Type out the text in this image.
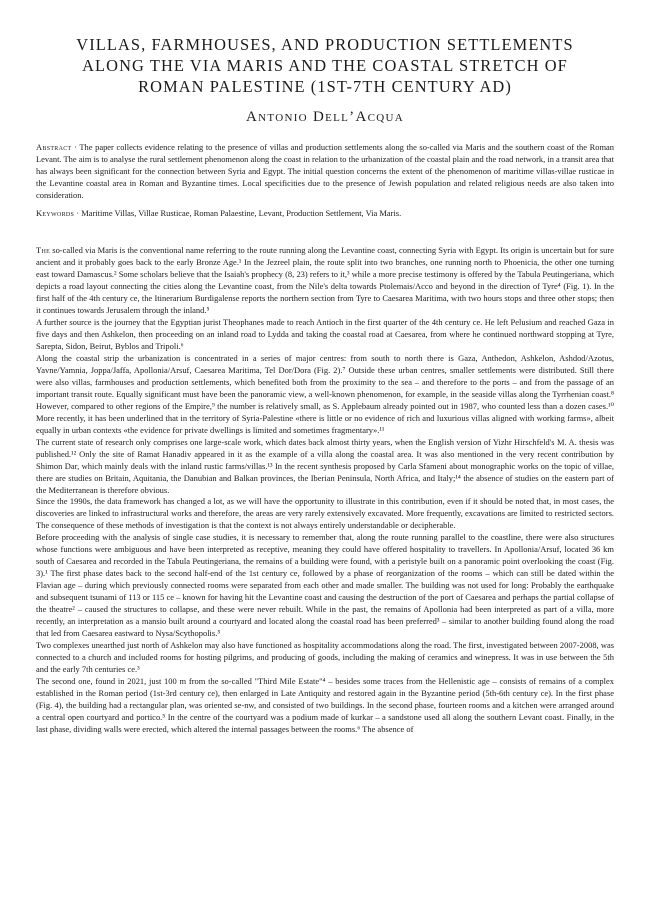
VILLAS, FARMHOUSES, AND PRODUCTION SETTLEMENTS
ALONG THE VIA MARIS AND THE COASTAL STRETCH OF
ROMAN PALESTINE (1ST-7TH CENTURY AD)
Antonio Dell’Acqua

Abstract · The paper collects evidence relating to the presence of villas and production settlements along the so-called via Maris and the southern coast of the Roman Levant. The aim is to analyse the rural settlement phenomenon along the coast in relation to the urbanization of the coastal plain and the road network, in a transit area that has always been significant for the connection between Syria and Egypt. The initial question concerns the extent of the phenomenon of maritime villas-villae rusticae in the Levantine coastal area in Roman and Byzantine times. Local specificities due to the presence of Jewish population and related religious needs are also taken into consideration.

Keywords · Maritime Villas, Villae Rusticae, Roman Palaestine, Levant, Production Settlement, Via Maris.

The so-called via Maris is the conventional name referring to the route running along the Levantine coast, connecting Syria with Egypt. Its origin is uncertain but for sure ancient and it probably goes back to the early Bronze Age.¹ In the Jezreel plain, the route split into two branches, one running north to Phoenicia, the other one turning east toward Damascus.² Some scholars believe that the Isaiah's prophecy (8, 23) refers to it,³ while a more precise testimony is offered by the Tabula Peutingeriana, which depicts a road layout connecting the cities along the Levantine coast, from the Nile's delta towards Ptolemais/Acco and beyond in the direction of Tyre⁴ (Fig. 1). In the first half of the 4th century ce, the Itinerarium Burdigalense reports the northern section from Tyre to Caesarea Maritima, with two hours stops and three other stops; then it continues towards Jerusalem through the inland.⁵

A further source is the journey that the Egyptian jurist Theophanes made to reach Antioch in the first quarter of the 4th century ce. He left Pelusium and reached Gaza in five days and then Ashkelon, then proceeding on an inland road to Lydda and taking the coastal road at Caesarea, from where he continued northward stopping at Tyre, Sarepta, Sidon, Beirut, Byblos and Tripoli.⁶

Along the coastal strip the urbanization is concentrated in a series of major centres: from south to north there is Gaza, Anthedon, Ashkelon, Ashdod/Azotus, Yavne/Yamnia, Joppa/Jaffa, Apollonia/Arsuf, Caesarea Maritima, Tel Dor/Dora (Fig. 2).⁷ Outside these urban centres, smaller settlements were distributed. Still there were also villas, farmhouses and production settlements, which benefited both from the proximity to the sea – and therefore to the ports – and from the passage of an important transit route. Equally significant must have been the panoramic view, a well-known phenomenon, for example, in the seaside villas along the Tyrrhenian coast.⁸ However, compared to other regions of the Empire,⁹ the number is relatively small, as S. Applebaum already pointed out in 1987, who counted less than a dozen cases.¹⁰ More recently, it has been underlined that in the territory of Syria-Palestine «there is little or no evidence of rich and luxurious villas aligned with working farms», albeit equally in urban contexts «the evidence for private dwellings is limited and sometimes fragmentary».¹¹

The current state of research only comprises one large-scale work, which dates back almost thirty years, when the English version of Yizhr Hirschfeld's M. A. thesis was published.¹² Only the site of Ramat Hanadiv appeared in it as the example of a villa along the coastal area. It was also mentioned in the very recent contribution by Shimon Dar, which mainly deals with the inland rustic farms/villas.¹³ In the recent synthesis proposed by Carla Sfameni about monographic works on the topic of villae, there are studies on Britain, Aquitania, the Danubian and Balkan provinces, the Iberian Peninsula, North Africa, and Italy;¹⁴ the absence of studies on the eastern part of the Mediterranean is therefore obvious.

Since the 1990s, the data framework has changed a lot, as we will have the opportunity to illustrate in this contribution, even if it should be noted that, in most cases, the discoveries are linked to infrastructural works and therefore, the areas are very rarely extensively excavated. More frequently, excavations are limited to restricted sectors. The consequence of these methods of investigation is that the context is not always entirely understandable or decipherable.

Before proceeding with the analysis of single case studies, it is necessary to remember that, along the route running parallel to the coastline, there were also structures whose functions were ambiguous and have been interpreted as receptive, meaning they could have offered hospitality to travellers. In Apollonia/Arsuf, located 36 km south of Caesarea and recorded in the Tabula Peutingeriana, the remains of a building were found, with a peristyle built on a panoramic point overlooking the coast (Fig. 3).¹ The first phase dates back to the second half-end of the 1st century ce, followed by a phase of reorganization of the rooms – which can still be dated within the Flavian age – during which previously connected rooms were separated from each other and made smaller. The building was not used for long: Probably the earthquake and subsequent tsunami of 113 or 115 ce – known for having hit the Levantine coast and causing the destruction of the port of Caesarea and perhaps the partial collapse of the theatre² – caused the structures to collapse, and these were never rebuilt. While in the past, the remains of Apollonia had been interpreted as part of a villa, more recently, an interpretation as a mansio built around a courtyard and located along the coastal road has been preferred³ – similar to another building found along the road that led from Caesarea eastward to Nysa/Scythopolis.⁵

Two complexes unearthed just north of Ashkelon may also have functioned as hospitality accommodations along the road. The first, investigated between 2007-2008, was connected to a church and included rooms for hosting pilgrims, and producing of goods, including the making of ceramics and winepress. It was in use between the 5th and the early 7th centuries ce.³

The second one, found in 2021, just 100 m from the so-called "Third Mile Estate"⁴ – besides some traces from the Hellenistic age – consists of remains of a complex established in the Roman period (1st-3rd century ce), then enlarged in Late Antiquity and restored again in the Byzantine period (5th-6th century ce). In the first phase (Fig. 4), the building had a rectangular plan, was oriented se-nw, and consisted of two buildings. In the second phase, fourteen rooms and a kitchen were arranged around a central open courtyard and portico.⁵ In the centre of the courtyard was a podium made of kurkar – a sandstone used all along the southern Levant coast. Finally, in the last phase, dividing walls were erected, which altered the internal passages between the rooms.⁶ The absence of
